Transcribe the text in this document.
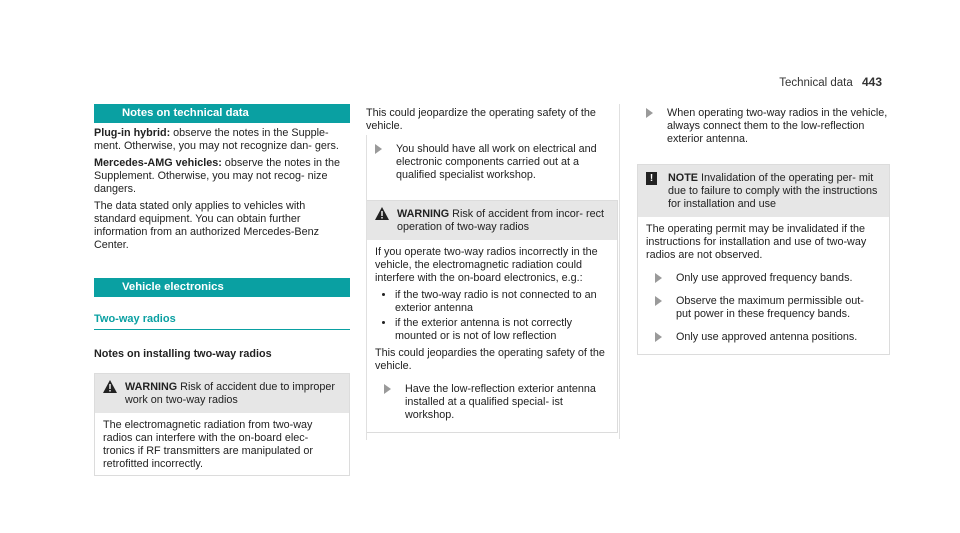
Technical data 443
Notes on technical data

Plug-in hybrid: observe the notes in the Supple- ment. Otherwise, you may not recognize dan- gers.

Mercedes-AMG vehicles: observe the notes in the Supplement. Otherwise, you may not recog- nize dangers.

The data stated only applies to vehicles with standard equipment. You can obtain further information from an authorized Mercedes-Benz Center.

Vehicle electronics
Two-way radios
Notes on installing two-way radios
WARNING Risk of accident due to improper work on two-way radios
The electromagnetic radiation from two-way radios can interfere with the on-board elec- tronics if RF transmitters are manipulated or retrofitted incorrectly.

This could jeopardize the operating safety of the vehicle.

You should have all work on electrical and electronic components carried out at a qualified specialist workshop.
WARNING Risk of accident from incor- rect operation of two-way radios

If you operate two-way radios incorrectly in the vehicle, the electromagnetic radiation could interfere with the on-board electronics, e.g.:

• if the two-way radio is not connected to an exterior antenna
• if the exterior antenna is not correctly mounted or is not of low reflection

This could jeopardies the operating safety of the vehicle.

Have the low-reflection exterior antenna installed at a qualified special- ist workshop.
When operating two-way radios in the vehicle, always connect them to the low-reflection exterior antenna.
!	NOTE Invalidation of the operating per- mit due to failure to comply with the instructions for installation and use

The operating permit may be invalidated if the instructions for installation and use of two-way radios are not observed.

Only use approved frequency bands.
Observe the maximum permissible out- put power in these frequency bands.
Only use approved antenna positions.
